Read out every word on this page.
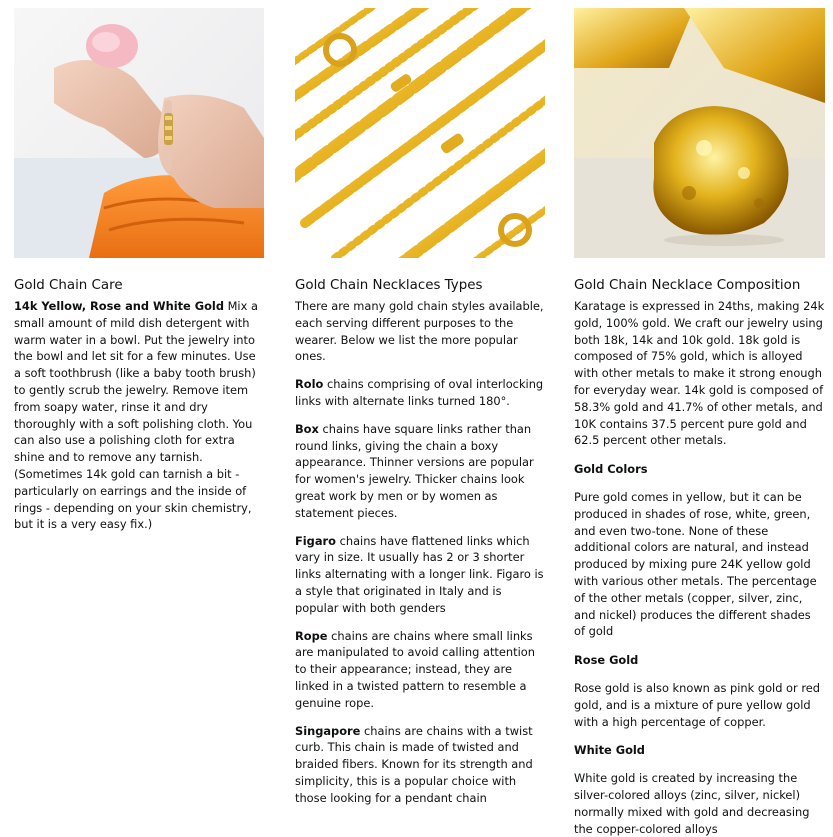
Gold Chain Care

14k Yellow, Rose and White Gold Mix a small amount of mild dish detergent with warm water in a bowl. Put the jewelry into the bowl and let sit for a few minutes. Use a soft toothbrush (like a baby tooth brush) to gently scrub the jewelry. Remove item from soapy water, rinse it and dry thoroughly with a soft polishing cloth. You can also use a polishing cloth for extra shine and to remove any tarnish. (Sometimes 14k gold can tarnish a bit - particularly on earrings and the inside of rings - depending on your skin chemistry, but it is a very easy fix.)

Gold Chain Necklaces Types

There are many gold chain styles available, each serving different purposes to the wearer. Below we list the more popular ones.

Rolo chains comprising of oval interlocking links with alternate links turned 180°.

Box chains have square links rather than round links, giving the chain a boxy appearance. Thinner versions are popular for women's jewelry. Thicker chains look great work by men or by women as statement pieces.

Figaro chains have flattened links which vary in size. It usually has 2 or 3 shorter links alternating with a longer link. Figaro is a style that originated in Italy and is popular with both genders

Rope chains are chains where small links are manipulated to avoid calling attention to their appearance; instead, they are linked in a twisted pattern to resemble a genuine rope.

Singapore chains are chains with a twist curb. This chain is made of twisted and braided fibers. Known for its strength and simplicity, this is a popular choice with those looking for a pendant chain

Gold Chain Necklace Composition

Karatage is expressed in 24ths, making 24k gold, 100% gold. We craft our jewelry using both 18k, 14k and 10k gold. 18k gold is composed of 75% gold, which is alloyed with other metals to make it strong enough for everyday wear. 14k gold is composed of 58.3% gold and 41.7% of other metals, and 10K contains 37.5 percent pure gold and 62.5 percent other metals.

Gold Colors

Pure gold comes in yellow, but it can be produced in shades of rose, white, green, and even two-tone. None of these additional colors are natural, and instead produced by mixing pure 24K yellow gold with various other metals. The percentage of the other metals (copper, silver, zinc, and nickel) produces the different shades of gold

Rose Gold

Rose gold is also known as pink gold or red gold, and is a mixture of pure yellow gold with a high percentage of copper.

White Gold

White gold is created by increasing the silver-colored alloys (zinc, silver, nickel) normally mixed with gold and decreasing the copper-colored alloys
